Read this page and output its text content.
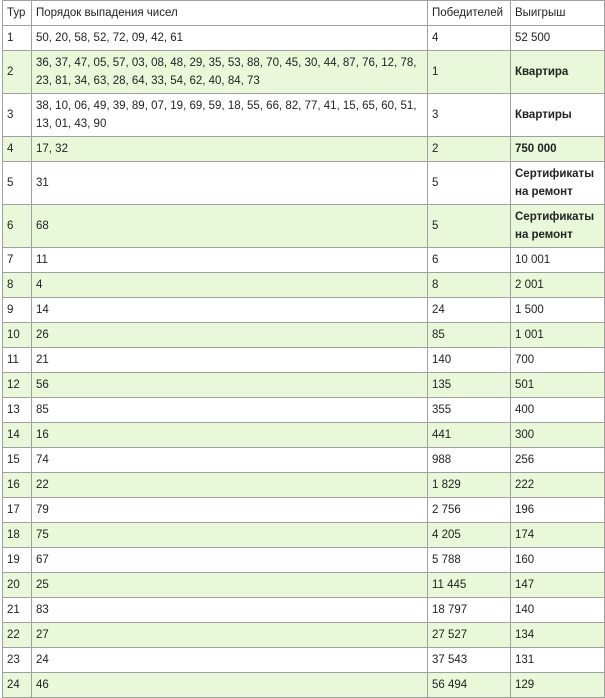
Тур	Порядок выпадения чисел	Победителей	Выигрыш
1	50, 20, 58, 52, 72, 09, 42, 61	4	52 500
2	36, 37, 47, 05, 57, 03, 08, 48, 29, 35, 53, 88, 70, 45, 30, 44, 87, 76, 12, 78, 23, 81, 34, 63, 28, 64, 33, 54, 62, 40, 84, 73	1	Квартира
3	38, 10, 06, 49, 39, 89, 07, 19, 69, 59, 18, 55, 66, 82, 77, 41, 15, 65, 60, 51, 13, 01, 43, 90	3	Квартиры
4	17, 32	2	750 000
5	31	5	Сертификаты на ремонт
6	68	5	Сертификаты на ремонт
7	11	6	10 001
8	4	8	2 001
9	14	24	1 500
10	26	85	1 001
11	21	140	700
12	56	135	501
13	85	355	400
14	16	441	300
15	74	988	256
16	22	1 829	222
17	79	2 756	196
18	75	4 205	174
19	67	5 788	160
20	25	11 445	147
21	83	18 797	140
22	27	27 527	134
23	24	37 543	131
24	46	56 494	129
